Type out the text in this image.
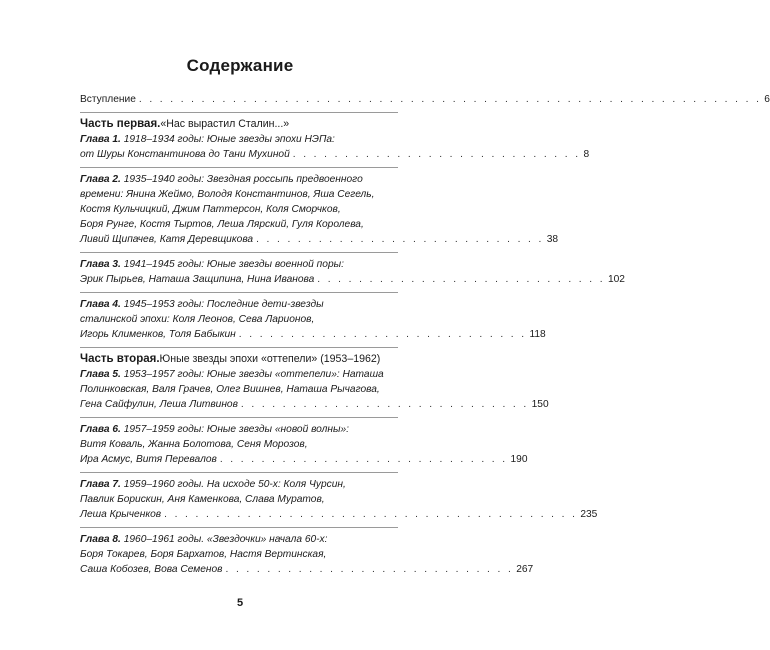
Содержание
Вступление . . . . . . . . . . . . . . . . . . . . . . . . . . . . . . . . . . . . . . . . . . . . . . . . . . . . . . . . . . . . 6
Часть первая. «Нас вырастил Сталин...»
Глава 1. 1918–1934 годы: Юные звезды эпохи НЭПа:
от Шуры Константинова до Тани Мухиной . . . . . . . . . . . . . . . . . . . . . . . . . . . . 8
Глава 2. 1935–1940 годы: Звездная россыпь предвоенного
времени: Янина Жеймо, Володя Константинов, Яша Сегель,
Костя Кульчицкий, Джим Паттерсон, Коля Сморчков,
Боря Рунге, Костя Тыртов, Леша Лярский, Гуля Королева,
Ливий Щипачев, Катя Деревщикова . . . . . . . . . . . . . . . . . . . . . . . . . . . . 38
Глава 3. 1941–1945 годы: Юные звезды военной поры:
Эрик Пырьев, Наташа Защипина, Нина Иванова . . . . . . . . . . . . . . . . . . . . . . . . . . . . 102
Глава 4. 1945–1953 годы: Последние дети-звезды
сталинской эпохи: Коля Леонов, Сева Ларионов,
Игорь Клименков, Толя Бабыкин . . . . . . . . . . . . . . . . . . . . . . . . . . . . 118
Часть вторая. Юные звезды эпохи «оттепели» (1953–1962)
Глава 5. 1953–1957 годы: Юные звезды «оттепели»: Наташа
Полинковская, Валя Грачев, Олег Вишнев, Наташа Рычагова,
Гена Сайфулин, Леша Литвинов . . . . . . . . . . . . . . . . . . . . . . . . . . . . 150
Глава 6. 1957–1959 годы: Юные звезды «новой волны»:
Витя Коваль, Жанна Болотова, Сеня Морозов,
Ира Асмус, Витя Перевалов . . . . . . . . . . . . . . . . . . . . . . . . . . . . 190
Глава 7. 1959–1960 годы. На исходе 50-х: Коля Чурсин,
Павлик Борискин, Аня Каменкова, Слава Муратов,
Леша Крыченков . . . . . . . . . . . . . . . . . . . . . . . . . . . . . . . . . . . . . . . . 235
Глава 8. 1960–1961 годы. «Звездочки» начала 60-х:
Боря Токарев, Боря Бархатов, Настя Вертинская,
Саша Кобозев, Вова Семенов . . . . . . . . . . . . . . . . . . . . . . . . . . . . 267
5
